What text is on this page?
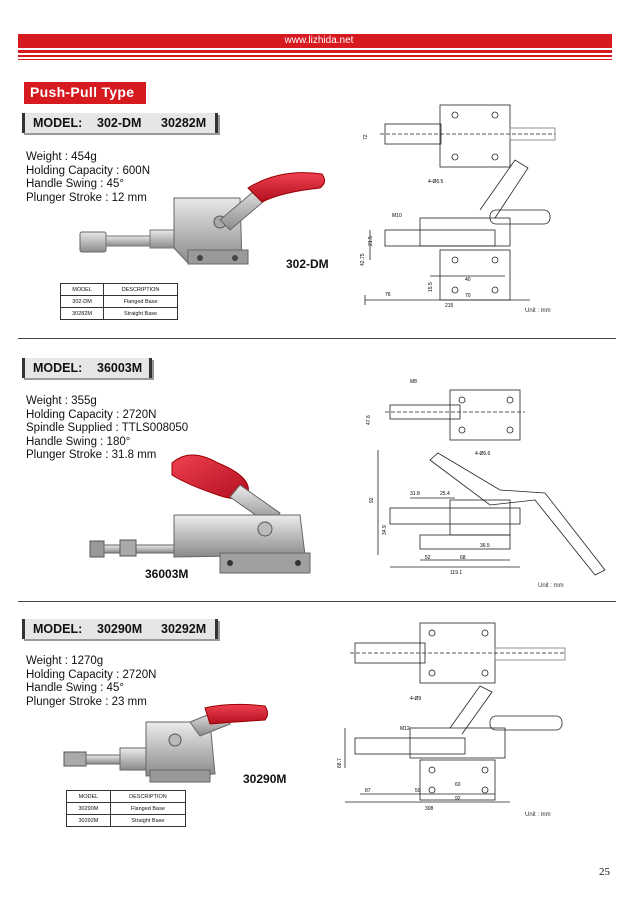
www.lizhida.net
Push-Pull Type
MODEL: 302-DM 30282M
Weight : 454g
Holding Capacity : 600N
Handle Swing : 45°
Plunger Stroke : 12 mm
302-DM
MODEL	DESCRIPTION
302-DM	Flanged Base
30282M	Straight Base
72
4-Ø6.5
M10
42.75
21.5
76
40
70
215
15.5
Unit : mm
MODEL: 36003M
Weight : 355g
Holding Capacity : 2720N
Spindle Supplied : TTLS008050
Handle Swing : 180°
Plunger Stroke : 31.8 mm
36003M
M8
47.6
4-Ø6.6
92
31.8	25.4
34.9
36.5
52	68
119.1
Unit : mm
MODEL: 30290M 30292M
Weight : 1270g
Holding Capacity : 2720N
Handle Swing : 45°
Plunger Stroke : 23 mm
30290M
MODEL	DESCRIPTION
30290M	Flanged Base
30292M	Straight Base
4-Ø9
M12
68.7
87	50
92
60
308
Unit : mm
25
